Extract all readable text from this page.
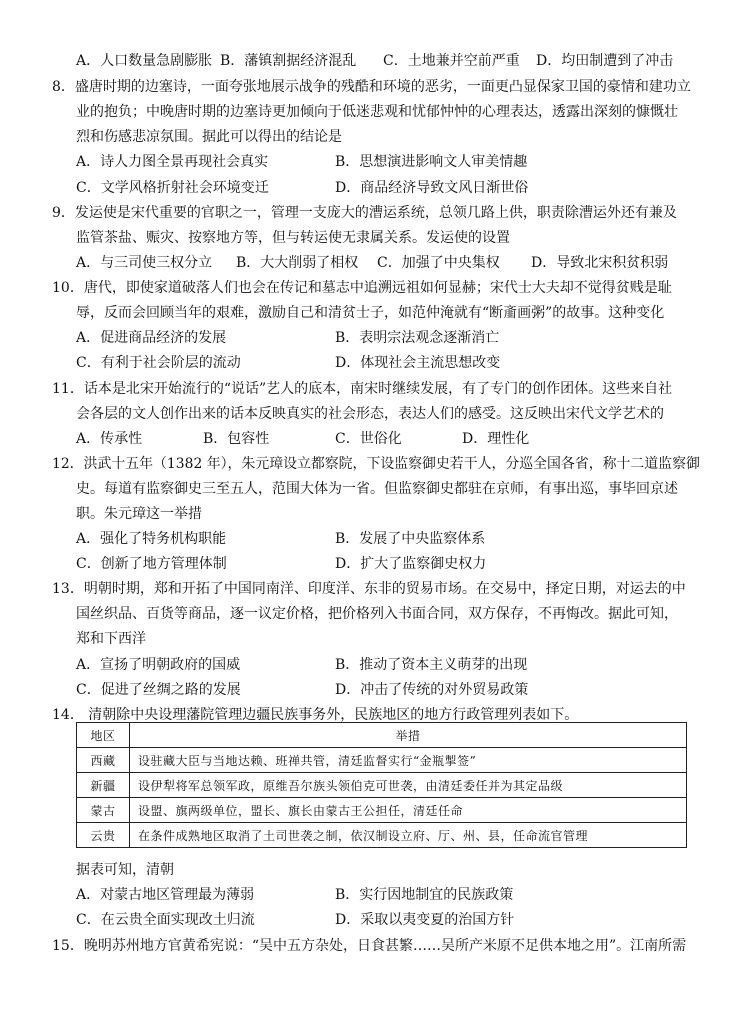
A．人口数量急剧膨胀 B．藩镇割据经济混乱 C．土地兼并空前严重 D．均田制遭到了冲击
8．盛唐时期的边塞诗，一面夸张地展示战争的残酷和环境的恶劣，一面更凸显保家卫国的豪情和建功立
业的抱负；中晚唐时期的边塞诗更加倾向于低迷悲观和忧郁忡忡的心理表达，透露出深刻的慷慨壮
烈和伤感悲凉氛围。据此可以得出的结论是
A．诗人力图全景再现社会真实	B．思想演进影响文人审美情趣
C．文学风格折射社会环境变迁	D．商品经济导致文风日渐世俗
9．发运使是宋代重要的官职之一，管理一支庞大的漕运系统，总领几路上供，职责除漕运外还有兼及
监管茶盐、赈灾、按察地方等，但与转运使无隶属关系。发运使的设置
A．与三司使三权分立 B．大大削弱了相权 C．加强了中央集权 D．导致北宋积贫积弱
10．唐代，即使家道破落人们也会在传记和墓志中追溯远祖如何显赫；宋代士大夫却不觉得贫贱是耻
辱，反而会回顾当年的艰难，激励自己和清贫士子，如范仲淹就有“断齑画粥”的故事。这种变化
A．促进商品经济的发展	B．表明宗法观念逐渐消亡
C．有利于社会阶层的流动	D．体现社会主流思想改变
11．话本是北宋开始流行的“说话”艺人的底本，南宋时继续发展，有了专门的创作团体。这些来自社
会各层的文人创作出来的话本反映真实的社会形态，表达人们的感受。这反映出宋代文学艺术的
A．传承性	B．包容性	C．世俗化	D．理性化
12．洪武十五年（1382 年），朱元璋设立都察院，下设监察御史若干人，分巡全国各省，称十二道监察御
史。每道有监察御史三至五人，范围大体为一省。但监察御史都驻在京师，有事出巡，事毕回京述
职。朱元璋这一举措
A．强化了特务机构职能	B．发展了中央监察体系
C．创新了地方管理体制	D．扩大了监察御史权力
13．明朝时期，郑和开拓了中国同南洋、印度洋、东非的贸易市场。在交易中，择定日期，对运去的中
国丝织品、百货等商品，逐一议定价格，把价格列入书面合同，双方保存，不再悔改。据此可知，
郑和下西洋
A．宣扬了明朝政府的国威	B．推动了资本主义萌芽的出现
C．促进了丝绸之路的发展	D．冲击了传统的对外贸易政策
14． 清朝除中央设理藩院管理边疆民族事务外，民族地区的地方行政管理列表如下。
地区	举措
西藏	设驻藏大臣与当地达赖、班禅共管，清廷监督实行“金瓶掣签”
新疆	设伊犁将军总领军政，原维吾尔族头领伯克可世袭，由清廷委任并为其定品级
蒙古	设盟、旗两级单位，盟长、旗长由蒙古王公担任，清廷任命
云贵	在条件成熟地区取消了土司世袭之制，依汉制设立府、厅、州、县，任命流官管理
据表可知，清朝
A．对蒙古地区管理最为薄弱	B．实行因地制宜的民族政策
C．在云贵全面实现改土归流	D．采取以夷变夏的治国方针
15．晚明苏州地方官黄希宪说：“吴中五方杂处，日食甚繁……吴所产米原不足供本地之用”。江南所需
